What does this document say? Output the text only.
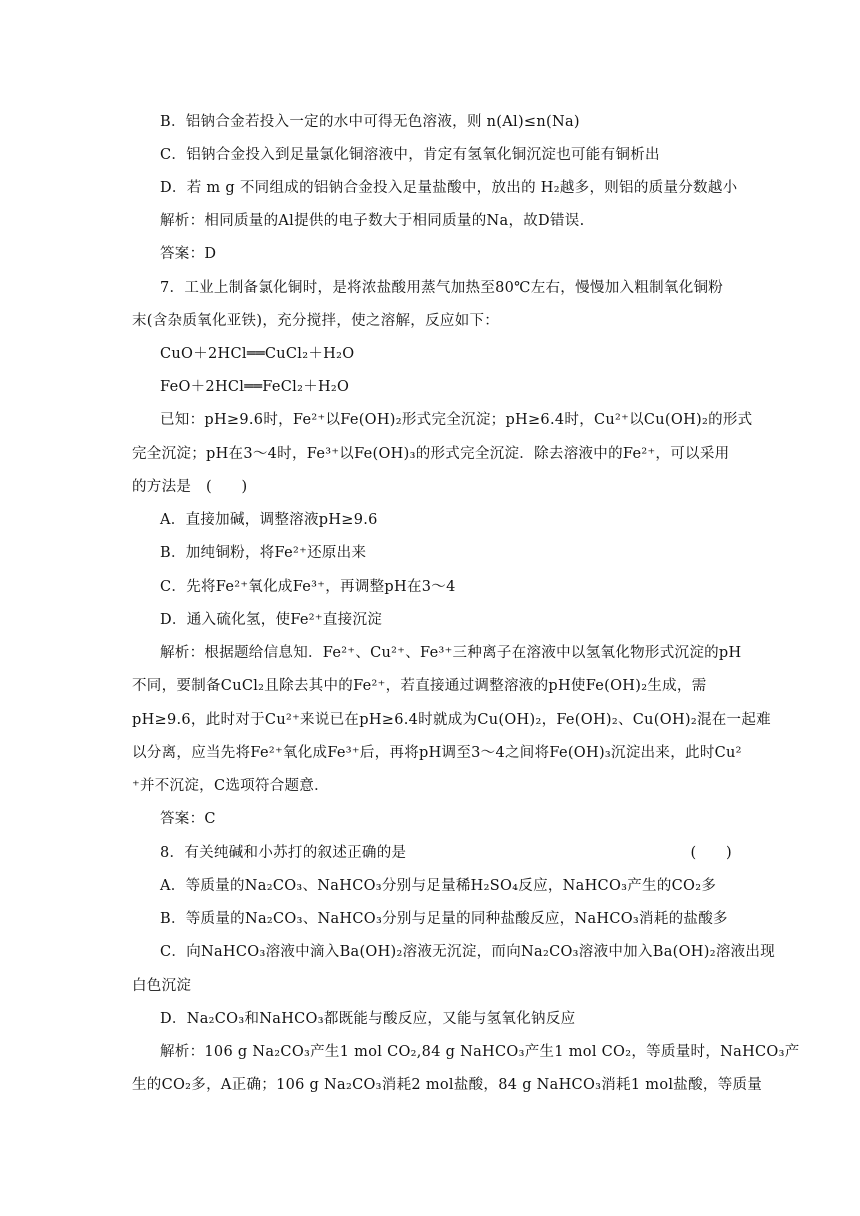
B．铝钠合金若投入一定的水中可得无色溶液，则 n(Al)≤n(Na)
C．铝钠合金投入到足量氯化铜溶液中，肯定有氢氧化铜沉淀也可能有铜析出
D．若 m g 不同组成的铝钠合金投入足量盐酸中，放出的 H₂越多，则铝的质量分数越小
解析：相同质量的Al提供的电子数大于相同质量的Na，故D错误.
答案：D
7．工业上制备氯化铜时，是将浓盐酸用蒸气加热至80℃左右，慢慢加入粗制氧化铜粉
末(含杂质氧化亚铁)，充分搅拌，使之溶解，反应如下：
CuO＋2HCl══CuCl₂＋H₂O
FeO＋2HCl══FeCl₂＋H₂O
已知：pH≥9.6时，Fe²⁺以Fe(OH)₂形式完全沉淀；pH≥6.4时，Cu²⁺以Cu(OH)₂的形式
完全沉淀；pH在3～4时，Fe³⁺以Fe(OH)₃的形式完全沉淀．除去溶液中的Fe²⁺，可以采用
的方法是　(　　)
A．直接加碱，调整溶液pH≥9.6
B．加纯铜粉，将Fe²⁺还原出来
C．先将Fe²⁺氧化成Fe³⁺，再调整pH在3～4
D．通入硫化氢，使Fe²⁺直接沉淀
解析：根据题给信息知．Fe²⁺、Cu²⁺、Fe³⁺三种离子在溶液中以氢氧化物形式沉淀的pH
不同，要制备CuCl₂且除去其中的Fe²⁺，若直接通过调整溶液的pH使Fe(OH)₂生成，需
pH≥9.6，此时对于Cu²⁺来说已在pH≥6.4时就成为Cu(OH)₂，Fe(OH)₂、Cu(OH)₂混在一起难
以分离，应当先将Fe²⁺氧化成Fe³⁺后，再将pH调至3～4之间将Fe(OH)₃沉淀出来，此时Cu²
⁺并不沉淀，C选项符合题意．
答案：C
8．有关纯碱和小苏打的叙述正确的是	(　　)
A．等质量的Na₂CO₃、NaHCO₃分别与足量稀H₂SO₄反应，NaHCO₃产生的CO₂多
B．等质量的Na₂CO₃、NaHCO₃分别与足量的同种盐酸反应，NaHCO₃消耗的盐酸多
C．向NaHCO₃溶液中滴入Ba(OH)₂溶液无沉淀，而向Na₂CO₃溶液中加入Ba(OH)₂溶液出现
白色沉淀
D．Na₂CO₃和NaHCO₃都既能与酸反应，又能与氢氧化钠反应
解析：106 g Na₂CO₃产生1 mol CO₂,84 g NaHCO₃产生1 mol CO₂，等质量时，NaHCO₃产
生的CO₂多，A正确；106 g Na₂CO₃消耗2 mol盐酸，84 g NaHCO₃消耗1 mol盐酸，等质量
